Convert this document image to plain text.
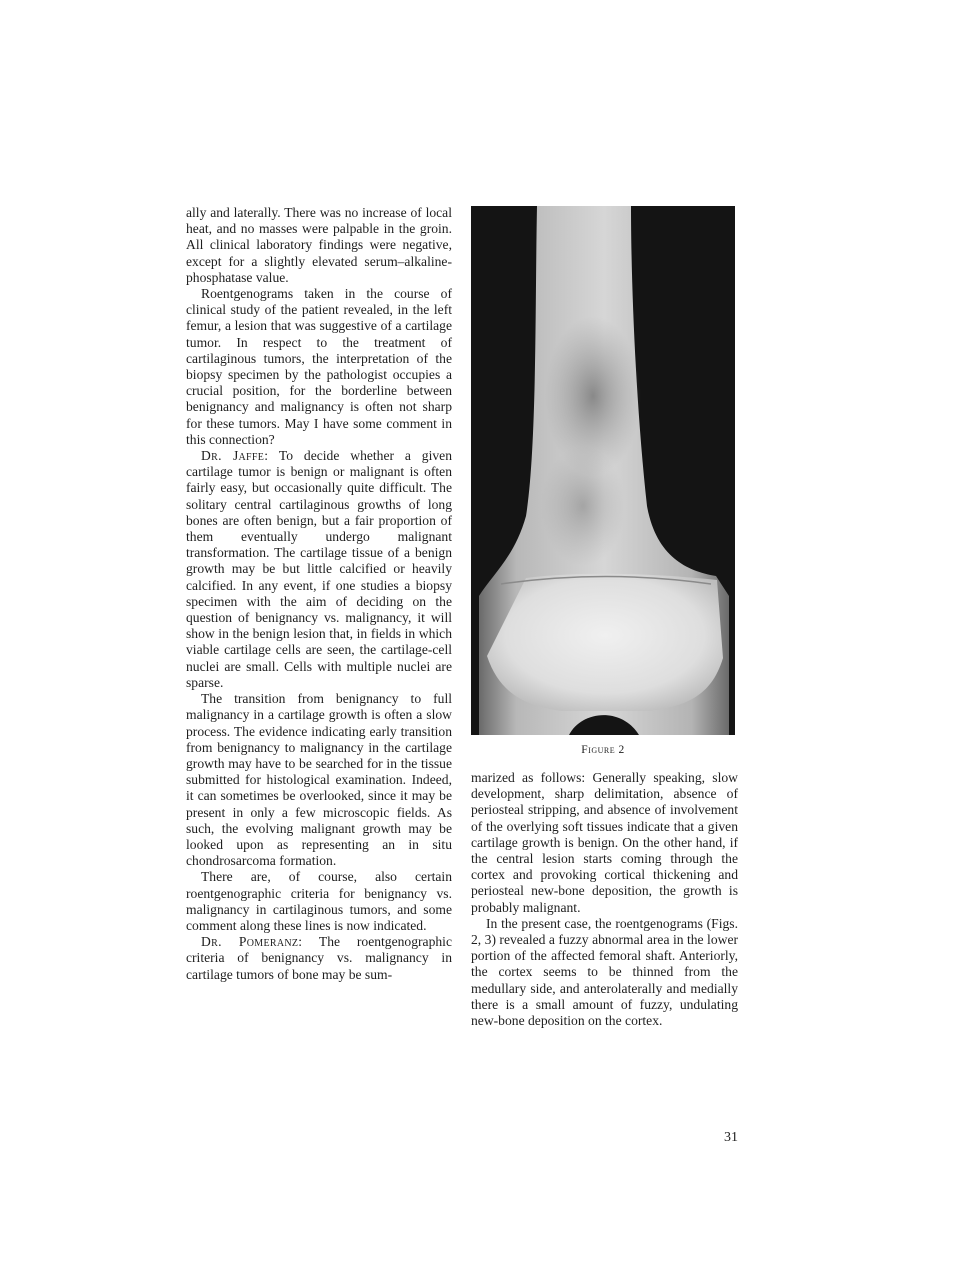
ally and laterally. There was no increase of local heat, and no masses were palpable in the groin. All clinical laboratory findings were negative, except for a slightly elevated serum–alkaline-phosphatase value.

Roentgenograms taken in the course of clinical study of the patient revealed, in the left femur, a lesion that was suggestive of a cartilage tumor. In respect to the treatment of cartilaginous tumors, the interpretation of the biopsy specimen by the pathologist occupies a crucial position, for the borderline between benignancy and malignancy is often not sharp for these tumors. May I have some comment in this connection?

Dr. Jaffe: To decide whether a given cartilage tumor is benign or malignant is often fairly easy, but occasionally quite difficult. The solitary central cartilaginous growths of long bones are often benign, but a fair proportion of them eventually undergo malignant transformation. The cartilage tissue of a benign growth may be but little calcified or heavily calcified. In any event, if one studies a biopsy specimen with the aim of deciding on the question of benignancy vs. malignancy, it will show in the benign lesion that, in fields in which viable cartilage cells are seen, the cartilage-cell nuclei are small. Cells with multiple nuclei are sparse.

The transition from benignancy to full malignancy in a cartilage growth is often a slow process. The evidence indicating early transition from benignancy to malignancy in the cartilage growth may have to be searched for in the tissue submitted for histological examination. Indeed, it can sometimes be overlooked, since it may be present in only a few microscopic fields. As such, the evolving malignant growth may be looked upon as representing an in situ chondrosarcoma formation.

There are, of course, also certain roentgenographic criteria for benignancy vs. malignancy in cartilaginous tumors, and some comment along these lines is now indicated.

Dr. Pomeranz: The roentgenographic criteria of benignancy vs. malignancy in cartilage tumors of bone may be sum-

Figure 2

marized as follows: Generally speaking, slow development, sharp delimitation, absence of periosteal stripping, and absence of involvement of the overlying soft tissues indicate that a given cartilage growth is benign. On the other hand, if the central lesion starts coming through the cortex and provoking cortical thickening and periosteal new-bone deposition, the growth is probably malignant.

In the present case, the roentgenograms (Figs. 2, 3) revealed a fuzzy abnormal area in the lower portion of the affected femoral shaft. Anteriorly, the cortex seems to be thinned from the medullary side, and anterolaterally and medially there is a small amount of fuzzy, undulating new-bone deposition on the cortex.

31
